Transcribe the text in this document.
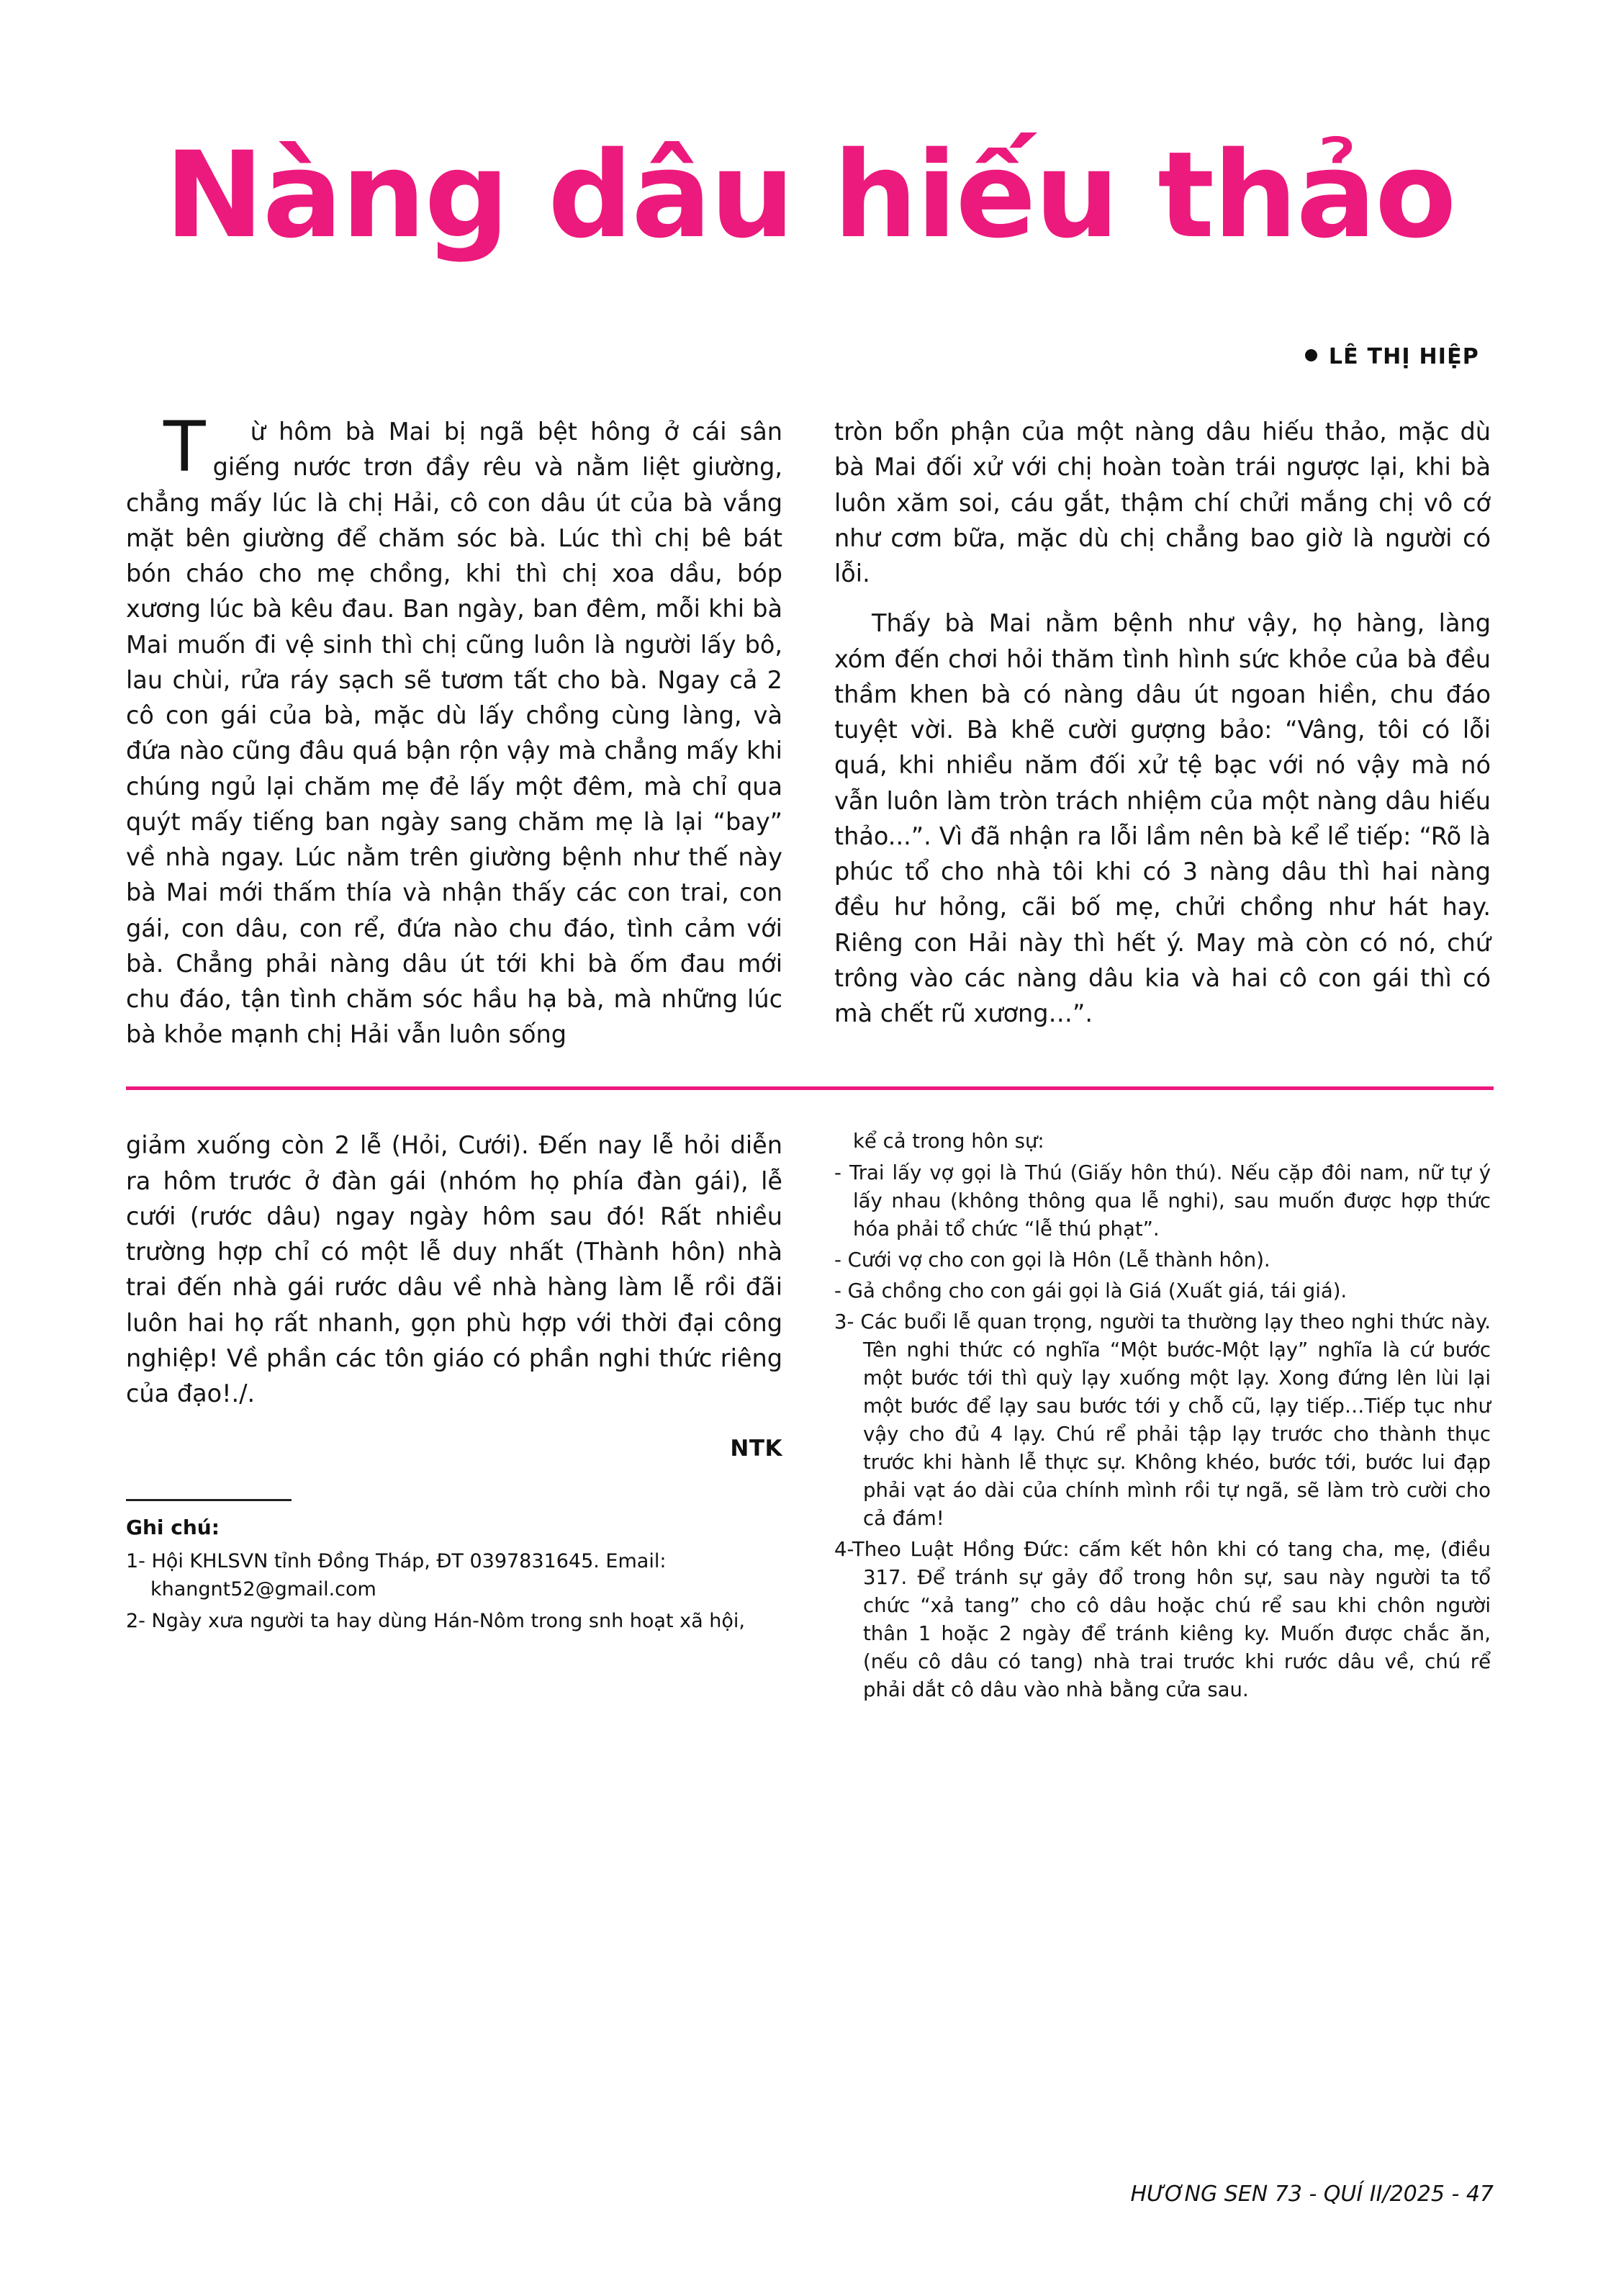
Nàng dâu hiếu thảo
LÊ THỊ HIỆP

T ừ hôm bà Mai bị ngã bệt hông ở cái sân giếng nước trơn đầy rêu và nằm liệt giường, chẳng mấy lúc là chị Hải, cô con dâu út của bà vắng mặt bên giường để chăm sóc bà. Lúc thì chị bê bát bón cháo cho mẹ chồng, khi thì chị xoa dầu, bóp xương lúc bà kêu đau. Ban ngày, ban đêm, mỗi khi bà Mai muốn đi vệ sinh thì chị cũng luôn là người lấy bô, lau chùi, rửa ráy sạch sẽ tươm tất cho bà. Ngay cả 2 cô con gái của bà, mặc dù lấy chồng cùng làng, và đứa nào cũng đâu quá bận rộn vậy mà chẳng mấy khi chúng ngủ lại chăm mẹ đẻ lấy một đêm, mà chỉ qua quýt mấy tiếng ban ngày sang chăm mẹ là lại “bay” về nhà ngay. Lúc nằm trên giường bệnh như thế này bà Mai mới thấm thía và nhận thấy các con trai, con gái, con dâu, con rể, đứa nào chu đáo, tình cảm với bà. Chẳng phải nàng dâu út tới khi bà ốm đau mới chu đáo, tận tình chăm sóc hầu hạ bà, mà những lúc bà khỏe mạnh chị Hải vẫn luôn sống

tròn bổn phận của một nàng dâu hiếu thảo, mặc dù bà Mai đối xử với chị hoàn toàn trái ngược lại, khi bà luôn xăm soi, cáu gắt, thậm chí chửi mắng chị vô cớ như cơm bữa, mặc dù chị chẳng bao giờ là người có lỗi.

Thấy bà Mai nằm bệnh như vậy, họ hàng, làng xóm đến chơi hỏi thăm tình hình sức khỏe của bà đều thầm khen bà có nàng dâu út ngoan hiền, chu đáo tuyệt vời. Bà khẽ cười gượng bảo: “Vâng, tôi có lỗi quá, khi nhiều năm đối xử tệ bạc với nó vậy mà nó vẫn luôn làm tròn trách nhiệm của một nàng dâu hiếu thảo...”. Vì đã nhận ra lỗi lầm nên bà kể lể tiếp: “Rõ là phúc tổ cho nhà tôi khi có 3 nàng dâu thì hai nàng đều hư hỏng, cãi bố mẹ, chửi chồng như hát hay. Riêng con Hải này thì hết ý. May mà còn có nó, chứ trông vào các nàng dâu kia và hai cô con gái thì có mà chết rũ xương…”.

giảm xuống còn 2 lễ (Hỏi, Cưới). Đến nay lễ hỏi diễn ra hôm trước ở đàn gái (nhóm họ phía đàn gái), lễ cưới (rước dâu) ngay ngày hôm sau đó! Rất nhiều trường hợp chỉ có một lễ duy nhất (Thành hôn) nhà trai đến nhà gái rước dâu về nhà hàng làm lễ rồi đãi luôn hai họ rất nhanh, gọn phù hợp với thời đại công nghiệp! Về phần các tôn giáo có phần nghi thức riêng của đạo!./.

NTK
Ghi chú:
1- Hội KHLSVN tỉnh Đồng Tháp, ĐT 0397831645. Email:
khangnt52@gmail.com
2- Ngày xưa người ta hay dùng Hán-Nôm trong snh hoạt xã hội,

kể cả trong hôn sự:

- Trai lấy vợ gọi là Thú (Giấy hôn thú). Nếu cặp đôi nam, nữ tự ý lấy nhau (không thông qua lễ nghi), sau muốn được hợp thức hóa phải tổ chức “lễ thú phạt”.

- Cưới vợ cho con gọi là Hôn (Lễ thành hôn).

- Gả chồng cho con gái gọi là Giá (Xuất giá, tái giá).

3- Các buổi lễ quan trọng, người ta thường lạy theo nghi thức này. Tên nghi thức có nghĩa “Một bước-Một lạy” nghĩa là cứ bước một bước tới thì quỳ lạy xuống một lạy. Xong đứng lên lùi lại một bước để lạy sau bước tới y chỗ cũ, lạy tiếp…Tiếp tục như vậy cho đủ 4 lạy. Chú rể phải tập lạy trước cho thành thục trước khi hành lễ thực sự. Không khéo, bước tới, bước lui đạp phải vạt áo dài của chính mình rồi tự ngã, sẽ làm trò cười cho cả đám!

4-Theo Luật Hồng Đức: cấm kết hôn khi có tang cha, mẹ, (điều 317. Để tránh sự gảy đổ trong hôn sự, sau này người ta tổ chức “xả tang” cho cô dâu hoặc chú rể sau khi chôn người thân 1 hoặc 2 ngày để tránh kiêng ky. Muốn được chắc ăn, (nếu cô dâu có tang) nhà trai trước khi rước dâu về, chú rể phải dắt cô dâu vào nhà bằng cửa sau.

HƯƠNG SEN 73 - QUÍ II/2025 - 47
